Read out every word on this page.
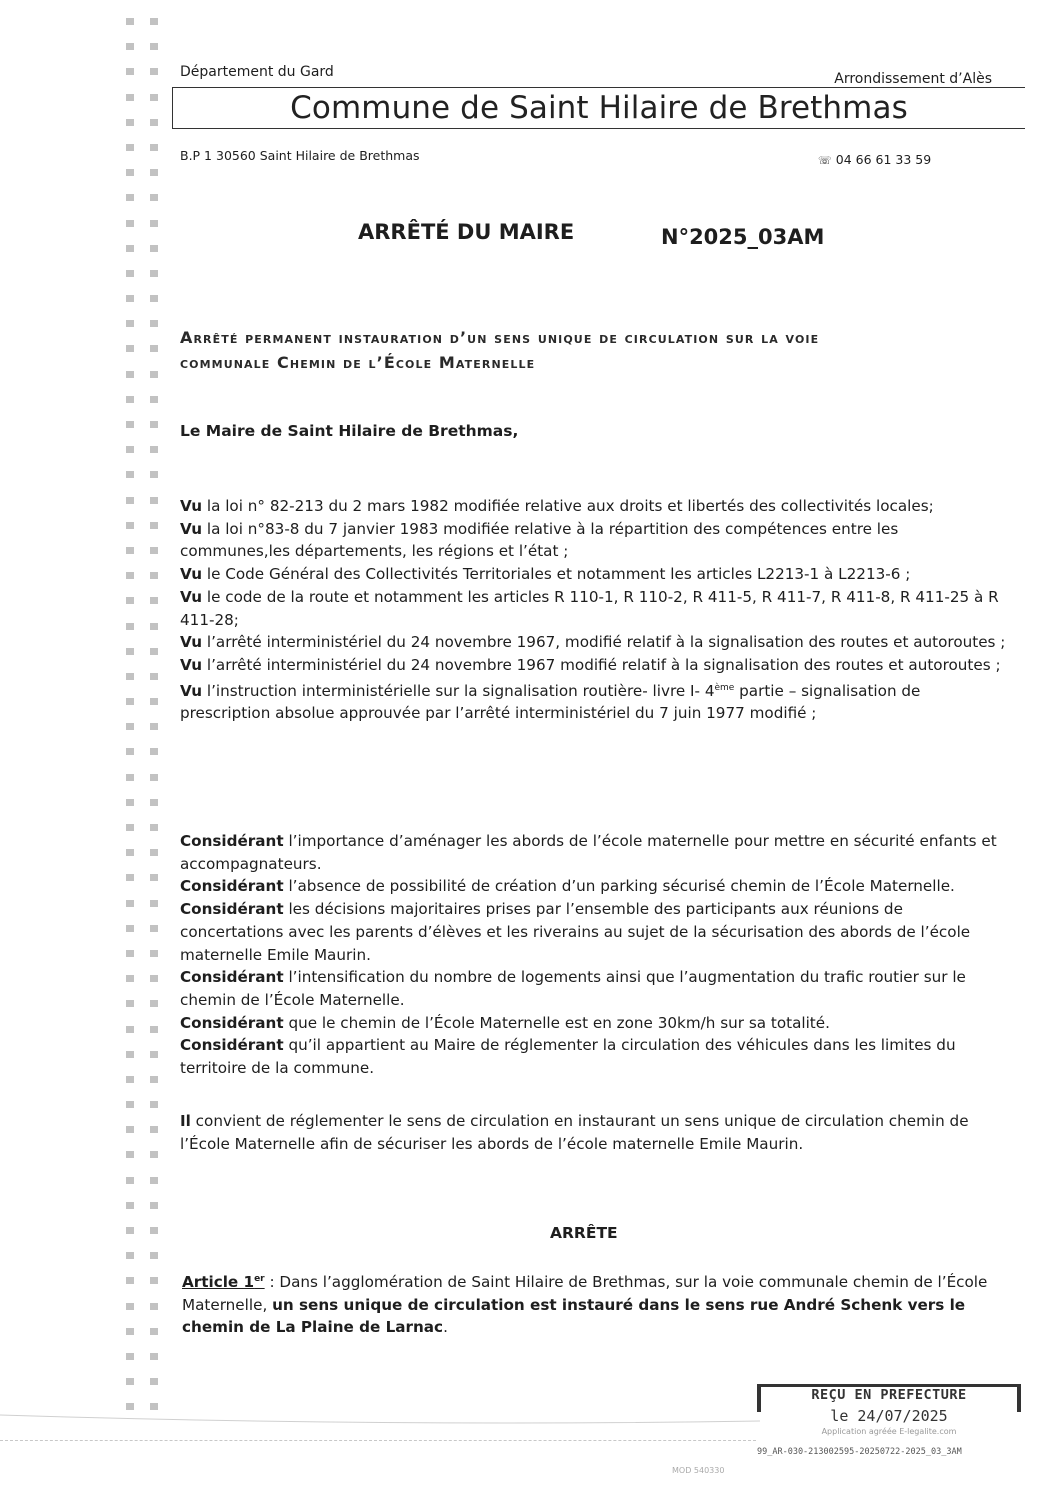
Département du Gard	Arrondissement d’Alès
Commune de Saint Hilaire de Brethmas
B.P 1 30560 Saint Hilaire de Brethmas	☏ 04 66 61 33 59
ARRÊTÉ DU MAIRE	N°2025_03AM
Arrêté permanent instauration d’un sens unique de circulation sur la voie
communale Chemin de l’École Maternelle
Le Maire de Saint Hilaire de Brethmas,

Vu la loi n° 82-213 du 2 mars 1982 modifiée relative aux droits et libertés des collectivités locales;

Vu la loi n°83-8 du 7 janvier 1983 modifiée relative à la répartition des compétences entre les communes,les départements, les régions et l’état ;

Vu le Code Général des Collectivités Territoriales et notamment les articles L2213-1 à L2213-6 ;

Vu le code de la route et notamment les articles R 110-1, R 110-2, R 411-5, R 411-7, R 411-8, R 411-25 à R 411-28;

Vu l’arrêté interministériel du 24 novembre 1967, modifié relatif à la signalisation des routes et autoroutes ;

Vu l’arrêté interministériel du 24 novembre 1967 modifié relatif à la signalisation des routes et autoroutes ;

Vu l’instruction interministérielle sur la signalisation routière- livre I- 4ème partie – signalisation de prescription absolue approuvée par l’arrêté interministériel du 7 juin 1977 modifié ;

Considérant l’importance d’aménager les abords de l’école maternelle pour mettre en sécurité enfants et accompagnateurs.

Considérant l’absence de possibilité de création d’un parking sécurisé chemin de l’École Maternelle.

Considérant les décisions majoritaires prises par l’ensemble des participants aux réunions de concertations avec les parents d’élèves et les riverains au sujet de la sécurisation des abords de l’école maternelle Emile Maurin.

Considérant l’intensification du nombre de logements ainsi que l’augmentation du trafic routier sur le chemin de l’École Maternelle.

Considérant que le chemin de l’École Maternelle est en zone 30km/h sur sa totalité.

Considérant qu’il appartient au Maire de réglementer la circulation des véhicules dans les limites du territoire de la commune.

Il convient de réglementer le sens de circulation en instaurant un sens unique de circulation chemin de l’École Maternelle afin de sécuriser les abords de l’école maternelle Emile Maurin.

ARRÊTE
Article 1er : Dans l’agglomération de Saint Hilaire de Brethmas, sur la voie communale chemin de l’École Maternelle, un sens unique de circulation est instauré dans le sens rue André Schenk vers le chemin de La Plaine de Larnac.
REÇU EN PREFECTURE
le 24/07/2025
Application agréée E-legalite.com
99_AR-030-213002595-20250722-2025_03_3AM
MOD 540330
